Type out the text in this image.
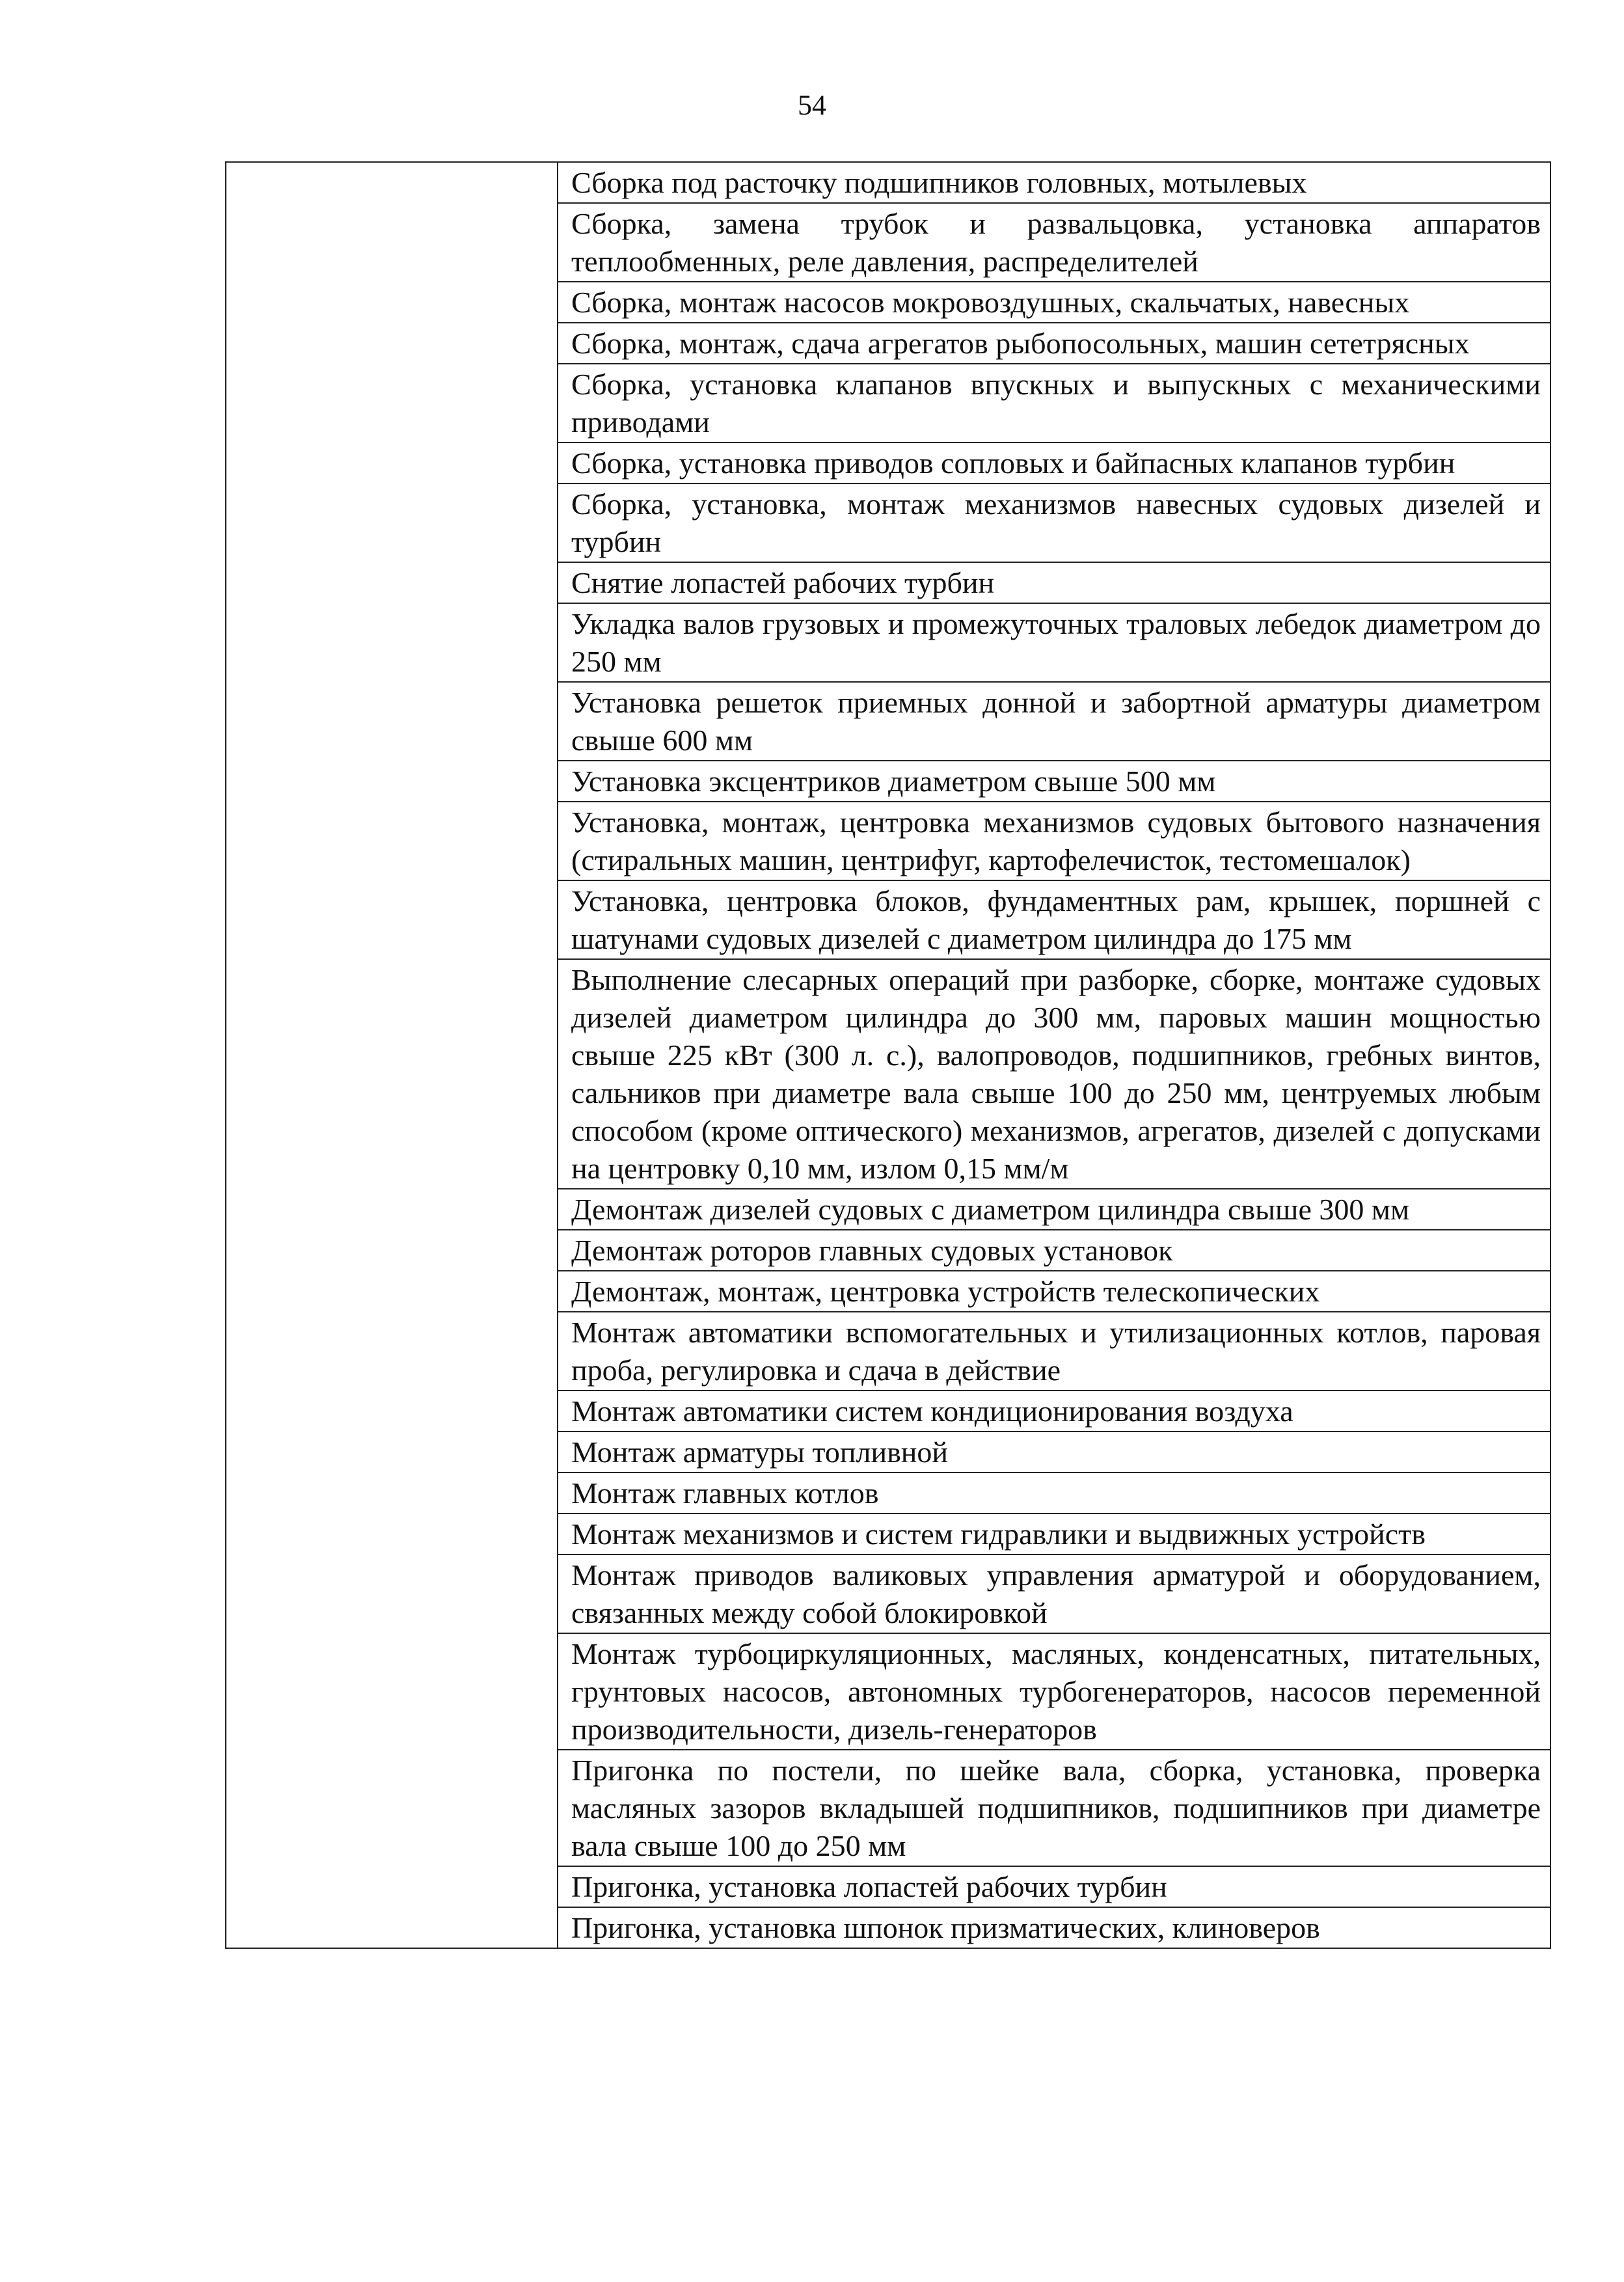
54

Сборка под расточку подшипников головных, мотылевых

Сборка, замена трубок и развальцовка, установка аппаратов теплообменных, реле давления, распределителей

Сборка, монтаж насосов мокровоздушных, скальчатых, навесных

Сборка, монтаж, сдача агрегатов рыбопосольных, машин сететрясных

Сборка, установка клапанов впускных и выпускных с механическими приводами

Сборка, установка приводов сопловых и байпасных клапанов турбин

Сборка, установка, монтаж механизмов навесных судовых дизелей и турбин

Снятие лопастей рабочих турбин

Укладка валов грузовых и промежуточных траловых лебедок диаметром до 250 мм

Установка решеток приемных донной и забортной арматуры диаметром свыше 600 мм

Установка эксцентриков диаметром свыше 500 мм

Установка, монтаж, центровка механизмов судовых бытового назначения (стиральных машин, центрифуг, картофелечисток, тестомешалок)

Установка, центровка блоков, фундаментных рам, крышек, поршней с шатунами судовых дизелей с диаметром цилиндра до 175 мм

Выполнение слесарных операций при разборке, сборке, монтаже судовых дизелей диаметром цилиндра до 300 мм, паровых машин мощностью свыше 225 кВт (300 л. с.), валопроводов, подшипников, гребных винтов, сальников при диаметре вала свыше 100 до 250 мм, центруемых любым способом (кроме оптического) механизмов, агрегатов, дизелей с допусками на центровку 0,10 мм, излом 0,15 мм/м

Демонтаж дизелей судовых с диаметром цилиндра свыше 300 мм

Демонтаж роторов главных судовых установок

Демонтаж, монтаж, центровка устройств телескопических

Монтаж автоматики вспомогательных и утилизационных котлов, паровая проба, регулировка и сдача в действие

Монтаж автоматики систем кондиционирования воздуха

Монтаж арматуры топливной

Монтаж главных котлов

Монтаж механизмов и систем гидравлики и выдвижных устройств

Монтаж приводов валиковых управления арматурой и оборудованием, связанных между собой блокировкой

Монтаж турбоциркуляционных, масляных, конденсатных, питательных, грунтовых насосов, автономных турбогенераторов, насосов переменной производительности, дизель-генераторов

Пригонка по постели, по шейке вала, сборка, установка, проверка масляных зазоров вкладышей подшипников, подшипников при диаметре вала свыше 100 до 250 мм

Пригонка, установка лопастей рабочих турбин

Пригонка, установка шпонок призматических, клиноверов
